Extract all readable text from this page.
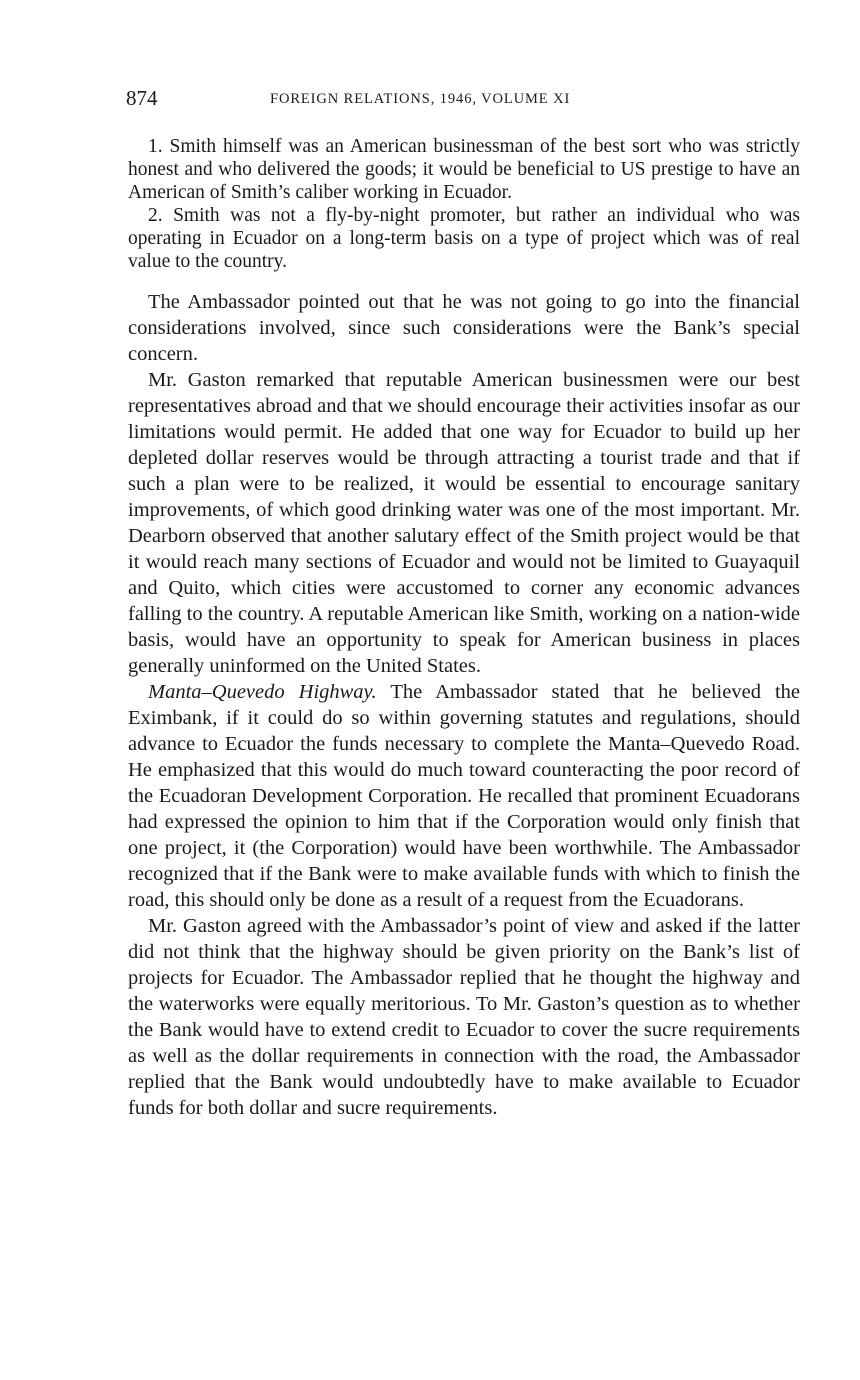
874	FOREIGN RELATIONS, 1946, VOLUME XI

1. Smith himself was an American businessman of the best sort who was strictly honest and who delivered the goods; it would be beneficial to US prestige to have an American of Smith’s caliber working in Ecuador.

2. Smith was not a fly-by-night promoter, but rather an individual who was operating in Ecuador on a long-term basis on a type of project which was of real value to the country.

The Ambassador pointed out that he was not going to go into the financial considerations involved, since such considerations were the Bank’s special concern.

Mr. Gaston remarked that reputable American businessmen were our best representatives abroad and that we should encourage their activities insofar as our limitations would permit. He added that one way for Ecuador to build up her depleted dollar reserves would be through attracting a tourist trade and that if such a plan were to be realized, it would be essential to encourage sanitary improvements, of which good drinking water was one of the most important. Mr. Dearborn observed that another salutary effect of the Smith project would be that it would reach many sections of Ecuador and would not be limited to Guayaquil and Quito, which cities were accustomed to corner any economic advances falling to the country. A reputable American like Smith, working on a nation-wide basis, would have an opportunity to speak for American business in places generally uninformed on the United States.

Manta–Quevedo Highway. The Ambassador stated that he believed the Eximbank, if it could do so within governing statutes and regulations, should advance to Ecuador the funds necessary to complete the Manta–Quevedo Road. He emphasized that this would do much toward counteracting the poor record of the Ecuadoran Development Corporation. He recalled that prominent Ecuadorans had expressed the opinion to him that if the Corporation would only finish that one project, it (the Corporation) would have been worthwhile. The Ambassador recognized that if the Bank were to make available funds with which to finish the road, this should only be done as a result of a request from the Ecuadorans.

Mr. Gaston agreed with the Ambassador’s point of view and asked if the latter did not think that the highway should be given priority on the Bank’s list of projects for Ecuador. The Ambassador replied that he thought the highway and the waterworks were equally meritorious. To Mr. Gaston’s question as to whether the Bank would have to extend credit to Ecuador to cover the sucre requirements as well as the dollar requirements in connection with the road, the Ambassador replied that the Bank would undoubtedly have to make available to Ecuador funds for both dollar and sucre requirements.
